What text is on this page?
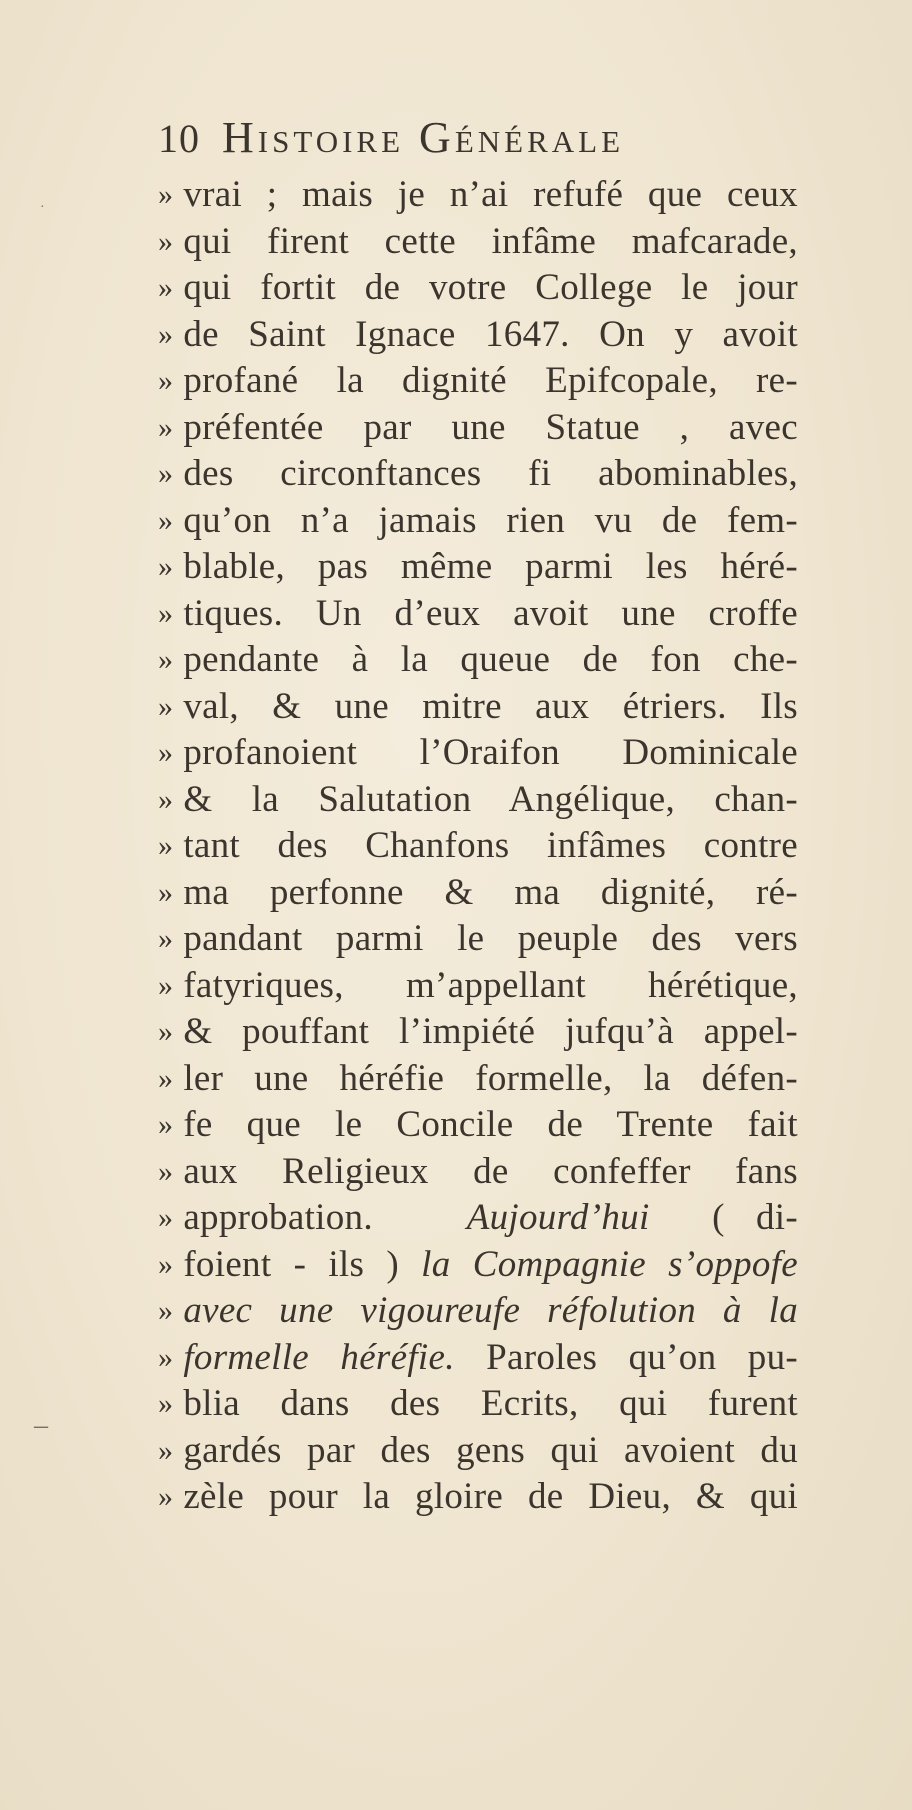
10 Histoire Générale
» vrai ; mais je n’ai refufé que ceux
» qui firent cette infâme mafcarade,
» qui fortit de votre College le jour
» de Saint Ignace 1647. On y avoit
» profané la dignité Epifcopale, re-
» préfentée par une Statue , avec
» des circonftances fi abominables,
» qu’on n’a jamais rien vu de fem-
» blable, pas même parmi les héré-
» tiques. Un d’eux avoit une croffe
» pendante à la queue de fon che-
» val, & une mitre aux étriers. Ils
» profanoient l’Oraifon Dominicale
» & la Salutation Angélique, chan-
» tant des Chanfons infâmes contre
» ma perfonne & ma dignité, ré-
» pandant parmi le peuple des vers
» fatyriques, m’appellant hérétique,
» & pouffant l’impiété jufqu’à appel-
» ler une héréfie formelle, la défen-
» fe que le Concile de Trente fait
» aux Religieux de confeffer fans
» approbation.	Aujourd’hui ( di-
» foient - ils ) la Compagnie s’oppofe
» avec une vigoureufe réfolution à la
» formelle héréfie. Paroles qu’on pu-
» blia dans des Ecrits, qui furent
» gardés par des gens qui avoient du
» zèle pour la gloire de Dieu, & qui
‒
·
